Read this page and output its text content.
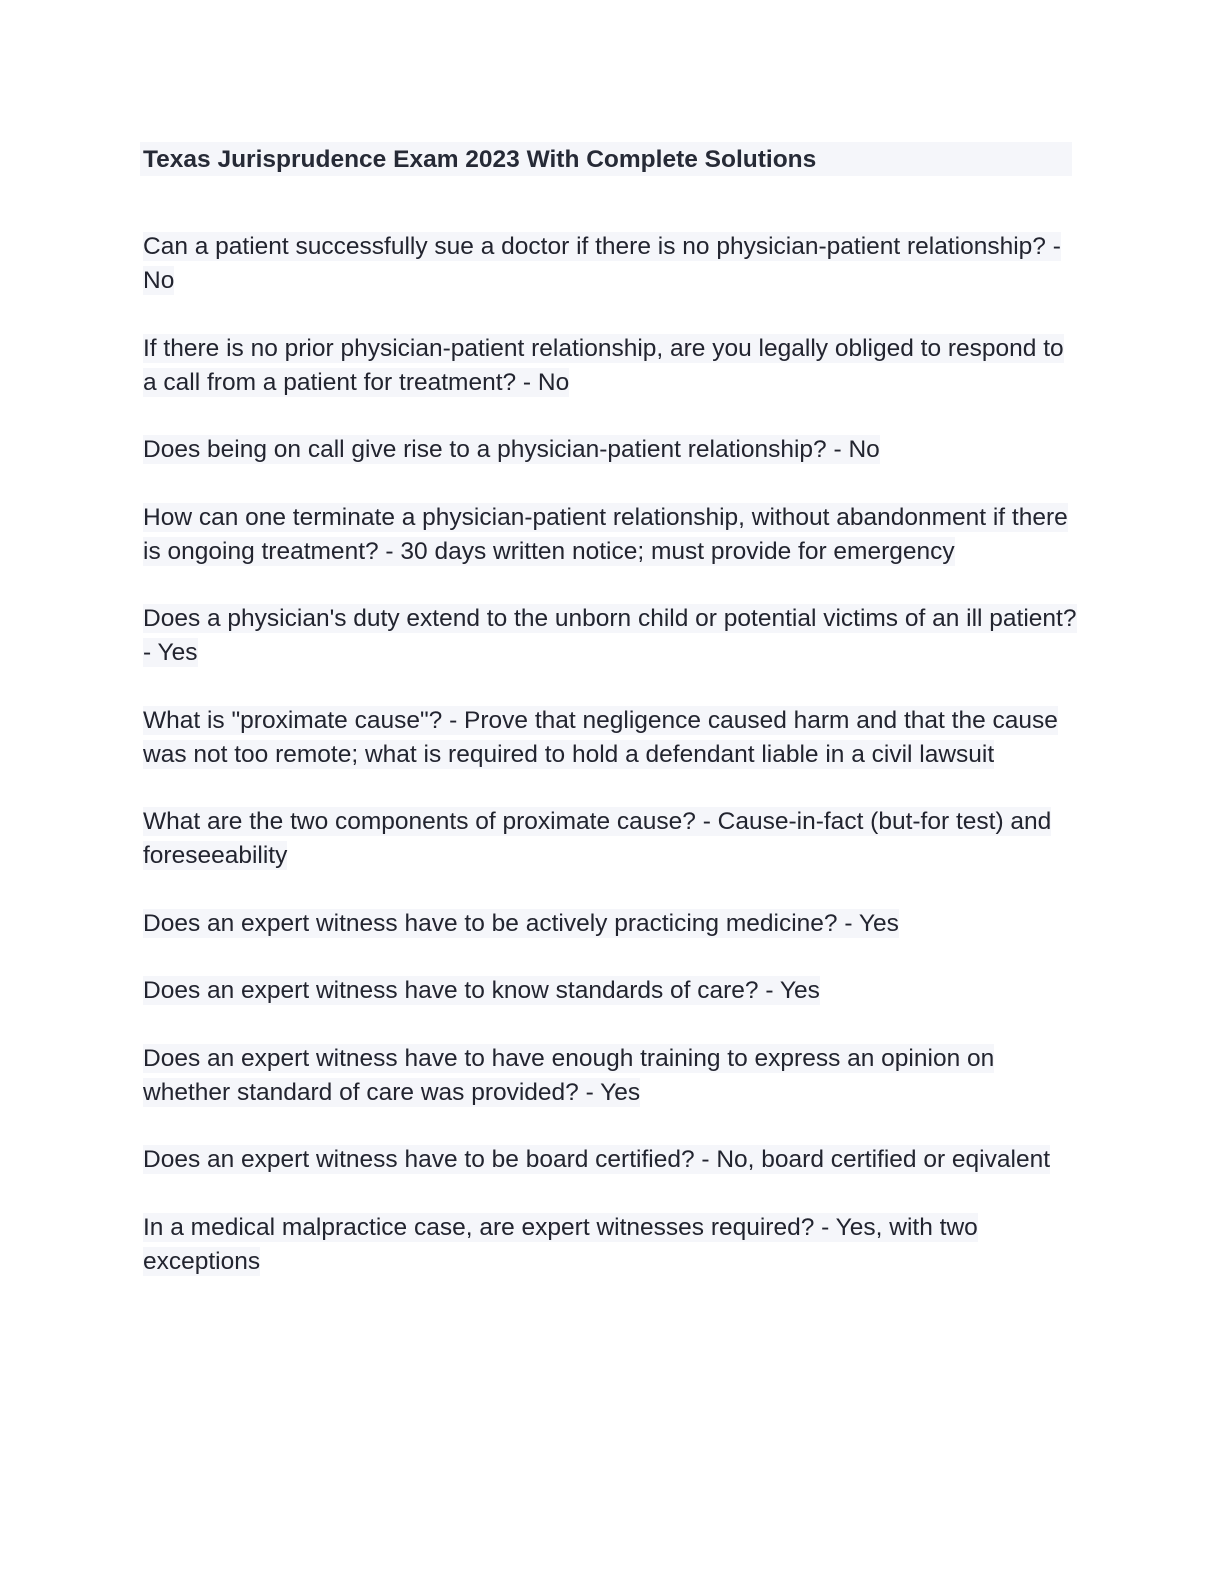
Texas Jurisprudence Exam 2023 With Complete Solutions
Can a patient successfully sue a doctor if there is no physician-patient relationship? - No
If there is no prior physician-patient relationship, are you legally obliged to respond to a call from a patient for treatment? - No
Does being on call give rise to a physician-patient relationship? - No
How can one terminate a physician-patient relationship, without abandonment if there is ongoing treatment? - 30 days written notice; must provide for emergency
Does a physician's duty extend to the unborn child or potential victims of an ill patient? - Yes
What is "proximate cause"? - Prove that negligence caused harm and that the cause was not too remote; what is required to hold a defendant liable in a civil lawsuit
What are the two components of proximate cause? - Cause-in-fact (but-for test) and foreseeability
Does an expert witness have to be actively practicing medicine? - Yes
Does an expert witness have to know standards of care? - Yes
Does an expert witness have to have enough training to express an opinion on whether standard of care was provided? - Yes
Does an expert witness have to be board certified? - No, board certified or eqivalent
In a medical malpractice case, are expert witnesses required? - Yes, with two exceptions
